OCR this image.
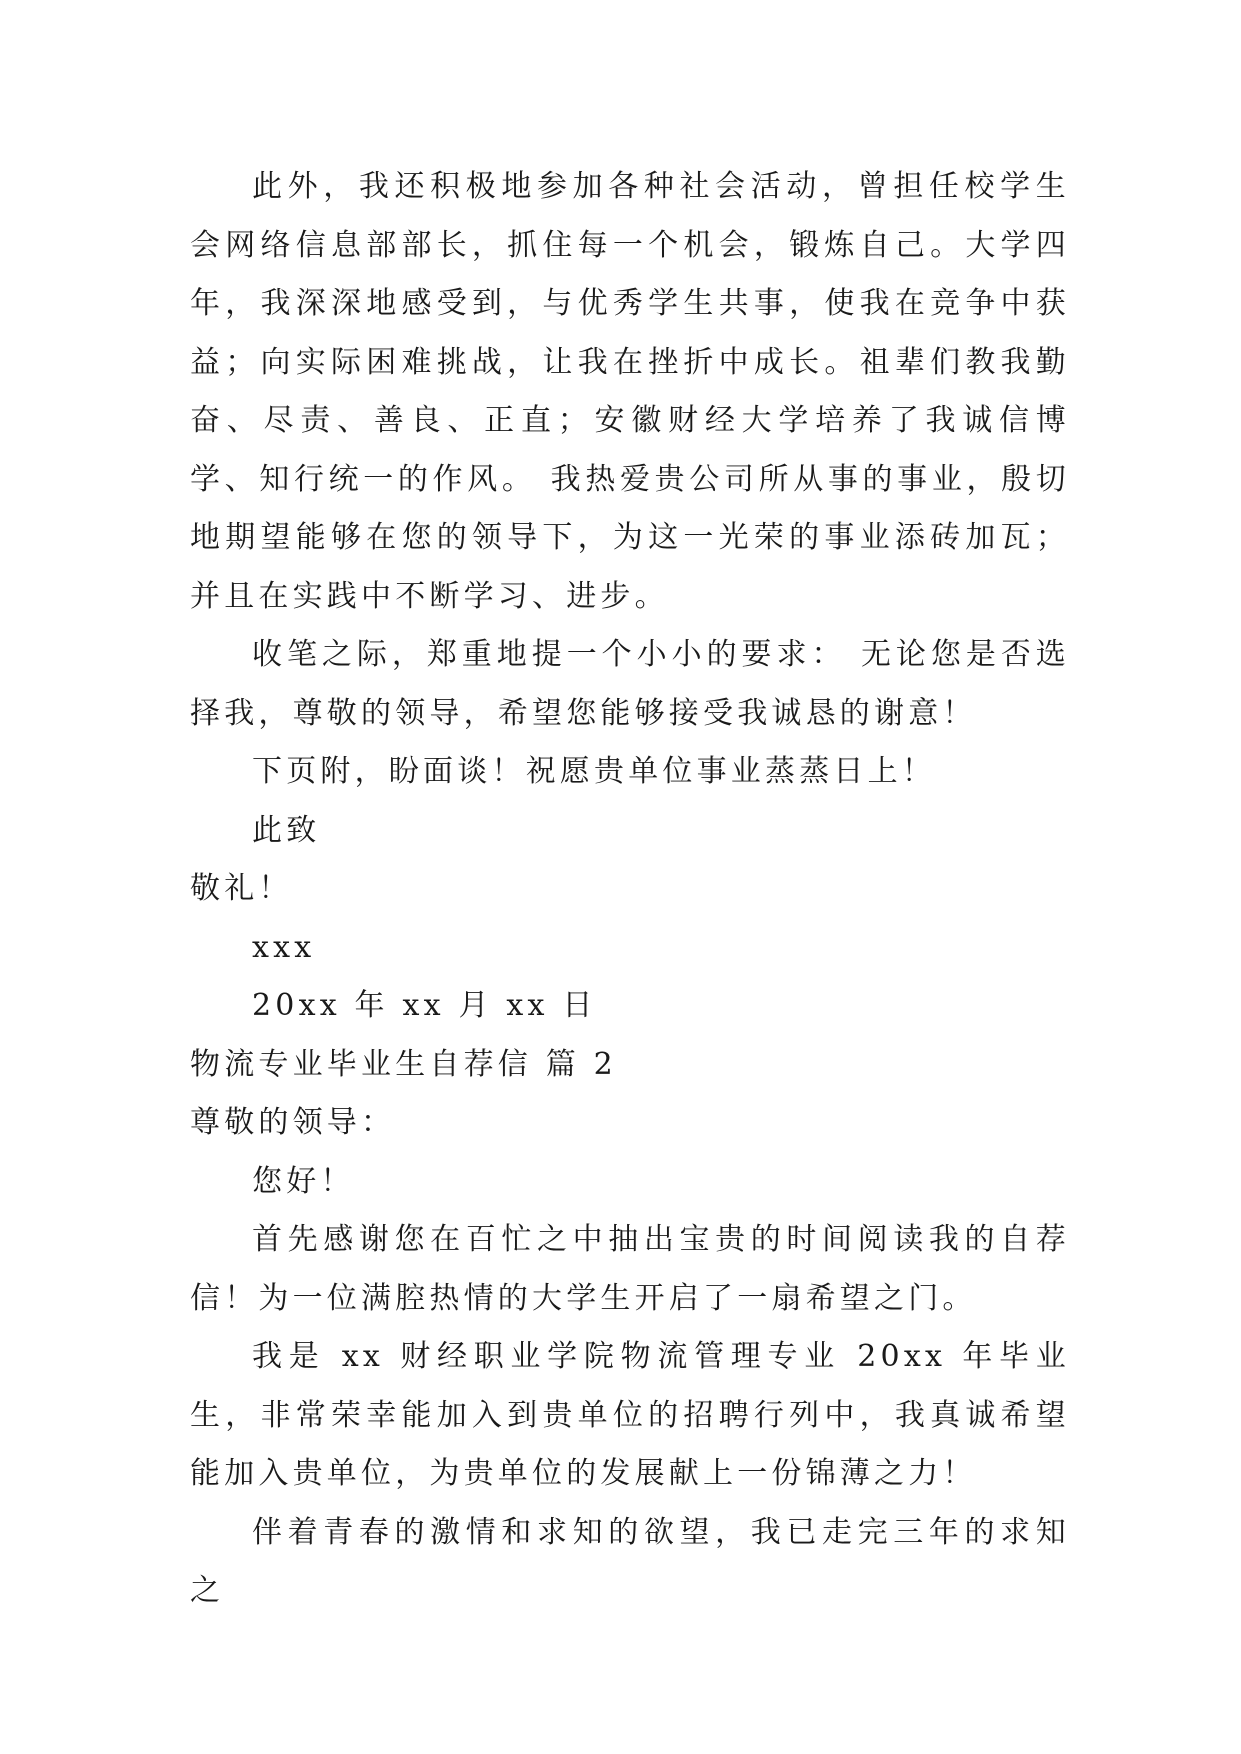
此外，我还积极地参加各种社会活动，曾担任校学生会网络信息部部长，抓住每一个机会，锻炼自己。大学四年，我深深地感受到，与优秀学生共事，使我在竞争中获益；向实际困难挑战，让我在挫折中成长。祖辈们教我勤奋、尽责、善良、正直；安徽财经大学培养了我诚信博学、知行统一的作风。 我热爱贵公司所从事的事业，殷切地期望能够在您的领导下，为这一光荣的事业添砖加瓦；并且在实践中不断学习、进步。

收笔之际，郑重地提一个小小的要求： 无论您是否选择我，尊敬的领导，希望您能够接受我诚恳的谢意！

下页附，盼面谈！祝愿贵单位事业蒸蒸日上！

此致

敬礼！

xxx

20xx 年 xx 月 xx 日

物流专业毕业生自荐信 篇 2

尊敬的领导：

您好！

首先感谢您在百忙之中抽出宝贵的时间阅读我的自荐信！为一位满腔热情的大学生开启了一扇希望之门。

我是 xx 财经职业学院物流管理专业 20xx 年毕业生，非常荣幸能加入到贵单位的招聘行列中，我真诚希望能加入贵单位，为贵单位的发展献上一份锦薄之力！

伴着青春的激情和求知的欲望，我已走完三年的求知之
